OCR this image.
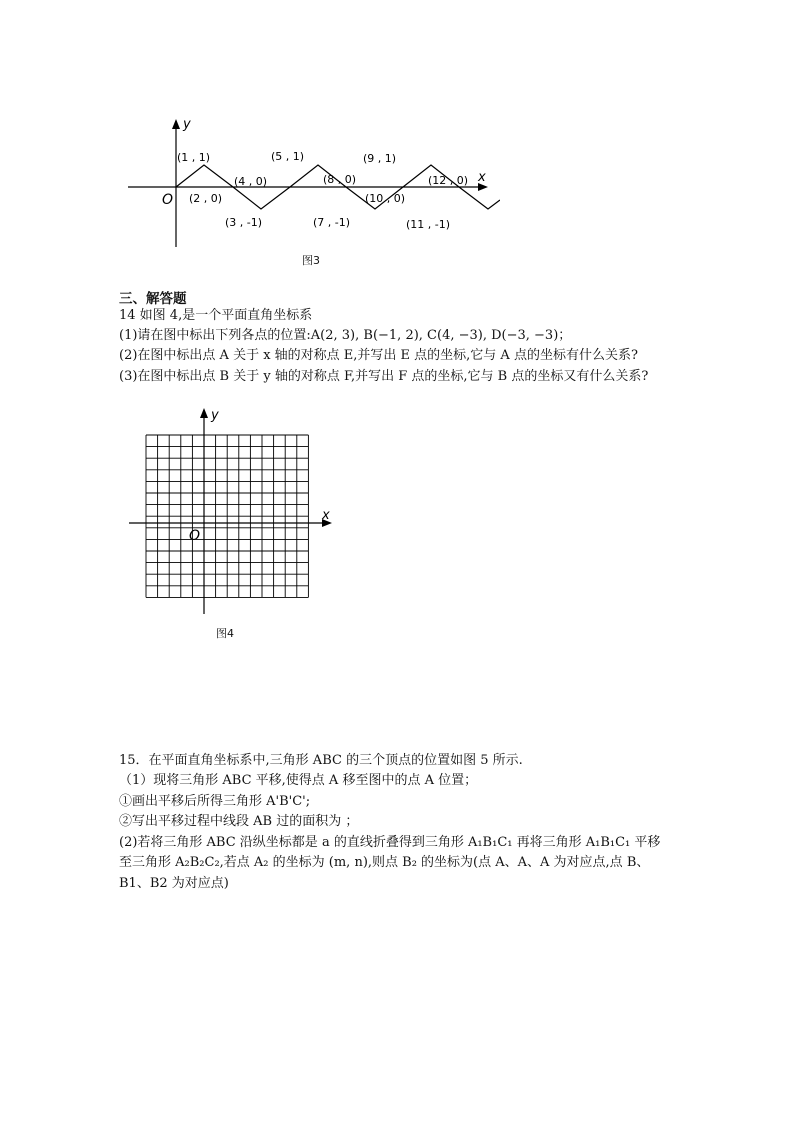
x
y
O
(1 , 1)
(2 , 0)
(3 , -1)
(4 , 0)
(5 , 1)
(7 , -1)
(8 , 0)
(9 , 1)
(10 , 0)
(11 , -1)
(12 , 0)
图3
三、解答题
14 如图 4,是一个平面直角坐标系
(1)请在图中标出下列各点的位置:A(2, 3), B(−1, 2), C(4, −3), D(−3, −3)；
(2)在图中标出点 A 关于 x 轴的对称点 E,并写出 E 点的坐标,它与 A 点的坐标有什么关系?
(3)在图中标出点 B 关于 y 轴的对称点 F,并写出 F 点的坐标,它与 B 点的坐标又有什么关系?
x
y
O
图4
15．在平面直角坐标系中,三角形 ABC 的三个顶点的位置如图 5 所示.
（1）现将三角形 ABC 平移,使得点 A 移至图中的点 A 位置；
①画出平移后所得三角形 A'B'C';
②写出平移过程中线段 AB 过的面积为 ；
(2)若将三角形 ABC 沿纵坐标都是 a 的直线折叠得到三角形 A₁B₁C₁ 再将三角形 A₁B₁C₁ 平移
至三角形 A₂B₂C₂,若点 A₂ 的坐标为 (m, n),则点 B₂ 的坐标为(点 A、A、A 为对应点,点 B、
B1、B2 为对应点)
